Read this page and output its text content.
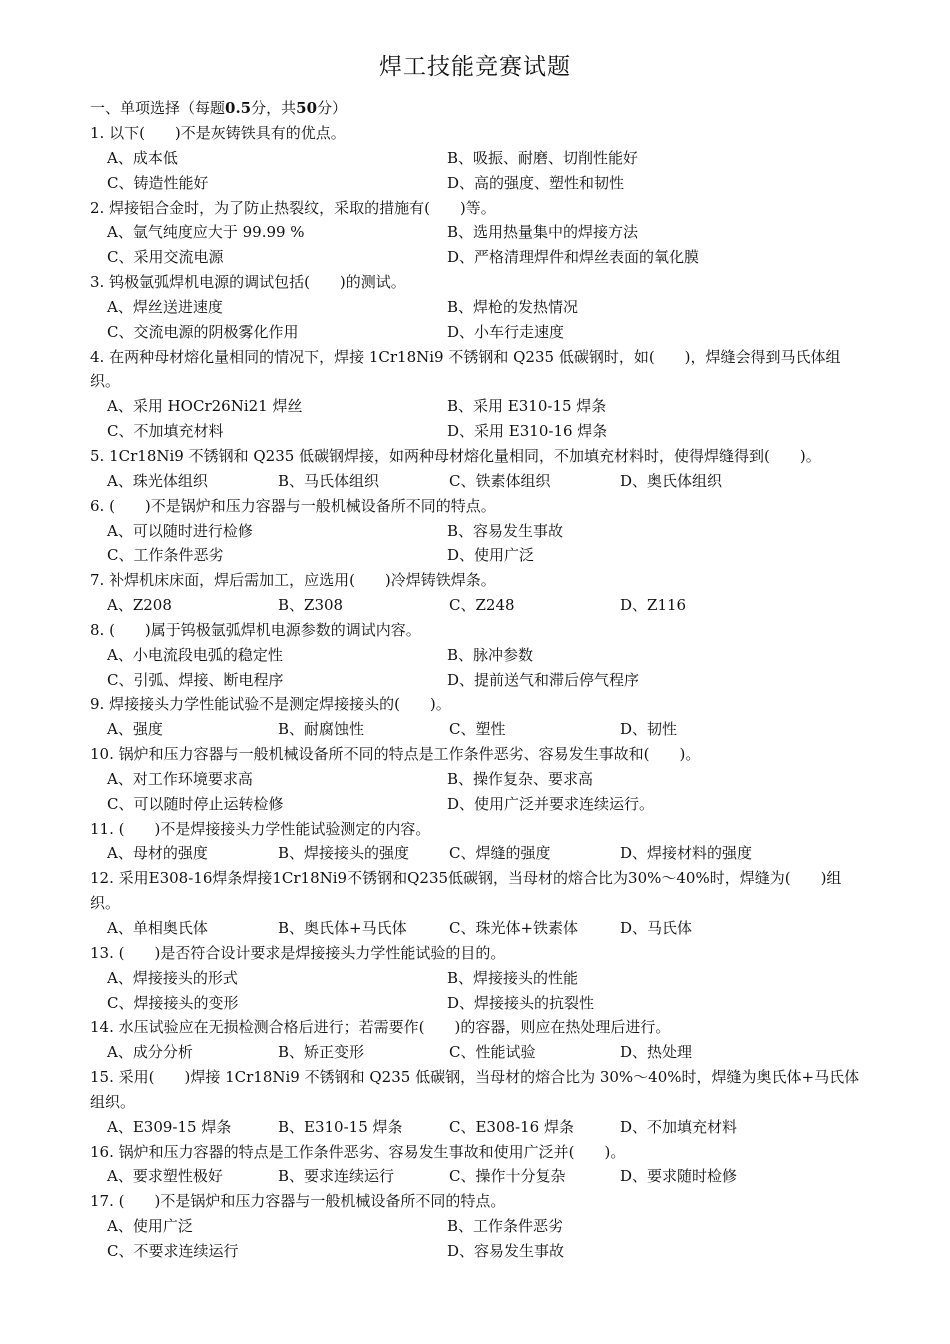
焊工技能竞赛试题
一、单项选择（每题0.5分，共50分）
1. 以下(　　)不是灰铸铁具有的优点。
A、成本低	B、吸振、耐磨、切削性能好
C、铸造性能好	D、高的强度、塑性和韧性
2. 焊接铝合金时，为了防止热裂纹，采取的措施有(　　)等。
A、氩气纯度应大于 99.99 %	B、选用热量集中的焊接方法
C、采用交流电源	D、严格清理焊件和焊丝表面的氧化膜
3. 钨极氩弧焊机电源的调试包括(　　)的测试。
A、焊丝送进速度	B、焊枪的发热情况
C、交流电源的阴极雾化作用	D、小车行走速度
4. 在两种母材熔化量相同的情况下，焊接 1Cr18Ni9 不锈钢和 Q235 低碳钢时，如(　　)，焊缝会得到马氏体组织。
A、采用 HOCr26Ni21 焊丝	B、采用 E310-15 焊条
C、不加填充材料	D、采用 E310-16 焊条
5. 1Cr18Ni9 不锈钢和 Q235 低碳钢焊接，如两种母材熔化量相同，不加填充材料时，使得焊缝得到(　　)。
A、珠光体组织	B、马氏体组织	C、铁素体组织	D、奥氏体组织
6. (　　)不是锅炉和压力容器与一般机械设备所不同的特点。
A、可以随时进行检修	B、容易发生事故
C、工作条件恶劣	D、使用广泛
7. 补焊机床床面，焊后需加工，应选用(　　)冷焊铸铁焊条。
A、Z208	B、Z308	C、Z248	D、Z116
8. (　　)属于钨极氩弧焊机电源参数的调试内容。
A、小电流段电弧的稳定性	B、脉冲参数
C、引弧、焊接、断电程序	D、提前送气和滞后停气程序
9. 焊接接头力学性能试验不是测定焊接接头的(　　)。
A、强度	B、耐腐蚀性	C、塑性	D、韧性
10. 锅炉和压力容器与一般机械设备所不同的特点是工作条件恶劣、容易发生事故和(　　)。
A、对工作环境要求高	B、操作复杂、要求高
C、可以随时停止运转检修	D、使用广泛并要求连续运行。
11. (　　)不是焊接接头力学性能试验测定的内容。
A、母材的强度	B、焊接接头的强度	C、焊缝的强度	D、焊接材料的强度
12. 采用E308-16焊条焊接1Cr18Ni9不锈钢和Q235低碳钢，当母材的熔合比为30%～40%时，焊缝为(　　)组织。
A、单相奥氏体	B、奥氏体+马氏体	C、珠光体+铁素体	D、马氏体
13. (　　)是否符合设计要求是焊接接头力学性能试验的目的。
A、焊接接头的形式	B、焊接接头的性能
C、焊接接头的变形	D、焊接接头的抗裂性
14. 水压试验应在无损检测合格后进行；若需要作(　　)的容器，则应在热处理后进行。
A、成分分析	B、矫正变形	C、性能试验	D、热处理
15. 采用(　　)焊接 1Cr18Ni9 不锈钢和 Q235 低碳钢，当母材的熔合比为 30%～40%时，焊缝为奥氏体+马氏体组织。
A、E309-15 焊条	B、E310-15 焊条	C、E308-16 焊条	D、不加填充材料
16. 锅炉和压力容器的特点是工作条件恶劣、容易发生事故和使用广泛并(　　)。
A、要求塑性极好	B、要求连续运行	C、操作十分复杂	D、要求随时检修
17. (　　)不是锅炉和压力容器与一般机械设备所不同的特点。
A、使用广泛	B、工作条件恶劣
C、不要求连续运行	D、容易发生事故
